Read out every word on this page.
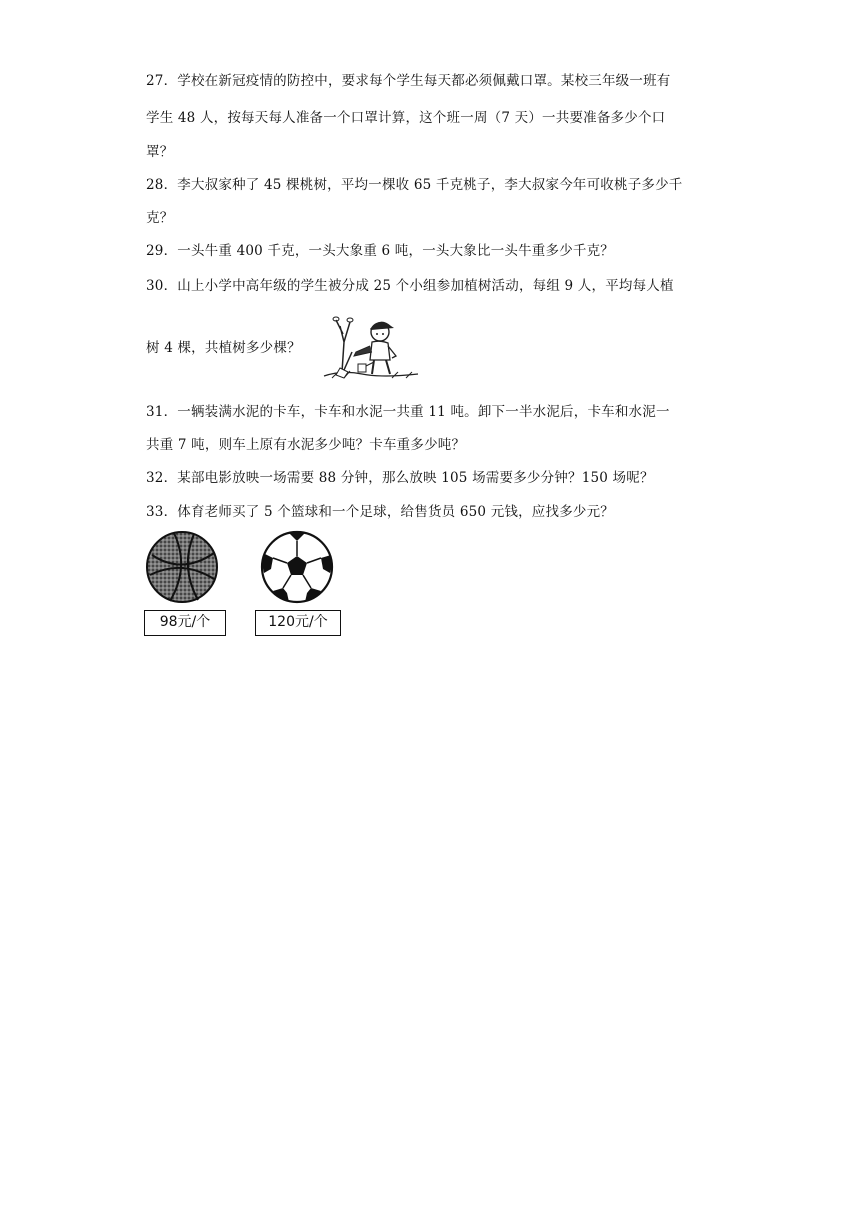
27．学校在新冠疫情的防控中，要求每个学生每天都必须佩戴口罩。某校三年级一班有
学生 48 人，按每天每人准备一个口罩计算，这个班一周（7 天）一共要准备多少个口
罩？
28．李大叔家种了 45 棵桃树，平均一棵收 65 千克桃子，李大叔家今年可收桃子多少千
克？
29．一头牛重 400 千克，一头大象重 6 吨，一头大象比一头牛重多少千克？
30．山上小学中高年级的学生被分成 25 个小组参加植树活动，每组 9 人，平均每人植
树 4 棵，共植树多少棵？
31．一辆装满水泥的卡车，卡车和水泥一共重 11 吨。卸下一半水泥后，卡车和水泥一
共重 7 吨，则车上原有水泥多少吨？卡车重多少吨？
32．某部电影放映一场需要 88 分钟，那么放映 105 场需要多少分钟？150 场呢？
33．体育老师买了 5 个篮球和一个足球，给售货员 650 元钱，应找多少元？
98元/个	120元/个
